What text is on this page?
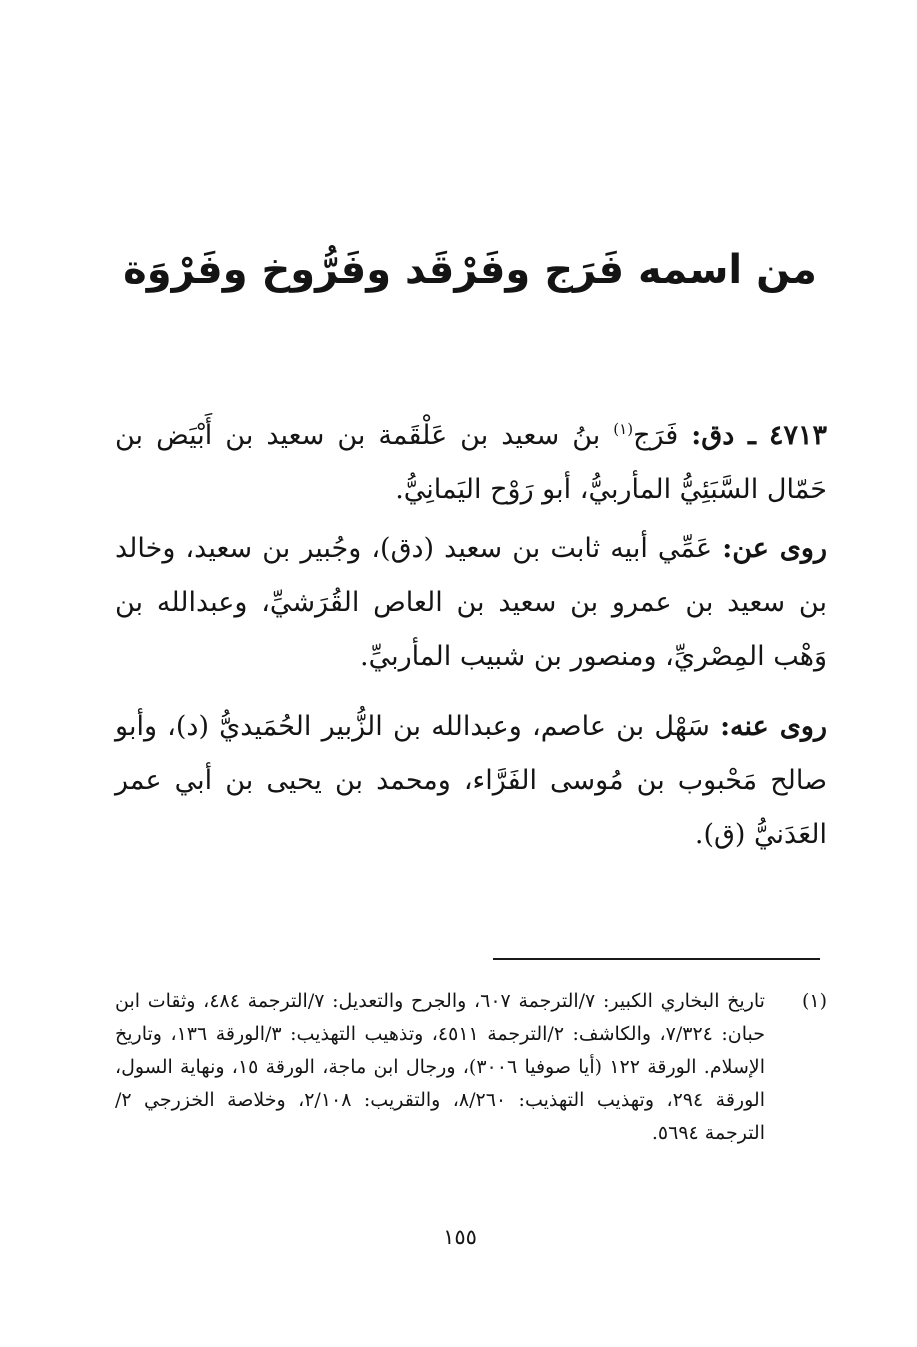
من اسمه فَرَج وفَرْقَد وفَرُّوخ وفَرْوَة
٤٧١٣ ـ دق: فَرَج$^{(١)}$ بنُ سعيد بن عَلْقَمة بن سعيد بن أَبْيَض بن حَمّال السَّبَئِيُّ المأربيُّ، أبو رَوْح اليَمانِيُّ.
روى عن: عَمِّي أبيه ثابت بن سعيد (دق)، وجُبير بن سعيد، وخالد بن سعيد بن عمرو بن سعيد بن العاص القُرَشيِّ، وعبدالله بن وَهْب المِصْريِّ، ومنصور بن شبيب المأربيِّ.
روى عنه: سَهْل بن عاصم، وعبدالله بن الزُّبير الحُمَيديُّ (د)، وأبو صالح مَحْبوب بن مُوسى الفَرَّاء، ومحمد بن يحيى بن أبي عمر العَدَنيُّ (ق).
(١)
تاريخ البخاري الكبير: ٧/الترجمة ٦٠٧، والجرح والتعديل: ٧/الترجمة ٤٨٤، وثقات ابن حبان: ٧/٣٢٤، والكاشف: ٢/الترجمة ٤٥١١، وتذهيب التهذيب: ٣/الورقة ١٣٦، وتاريخ الإسلام. الورقة ١٢٢ (أيا صوفيا ٣٠٠٦)، ورجال ابن ماجة، الورقة ١٥، ونهاية السول، الورقة ٢٩٤، وتهذيب التهذيب: ٨/٢٦٠، والتقريب: ٢/١٠٨، وخلاصة الخزرجي ٢/الترجمة ٥٦٩٤.
١٥٥
